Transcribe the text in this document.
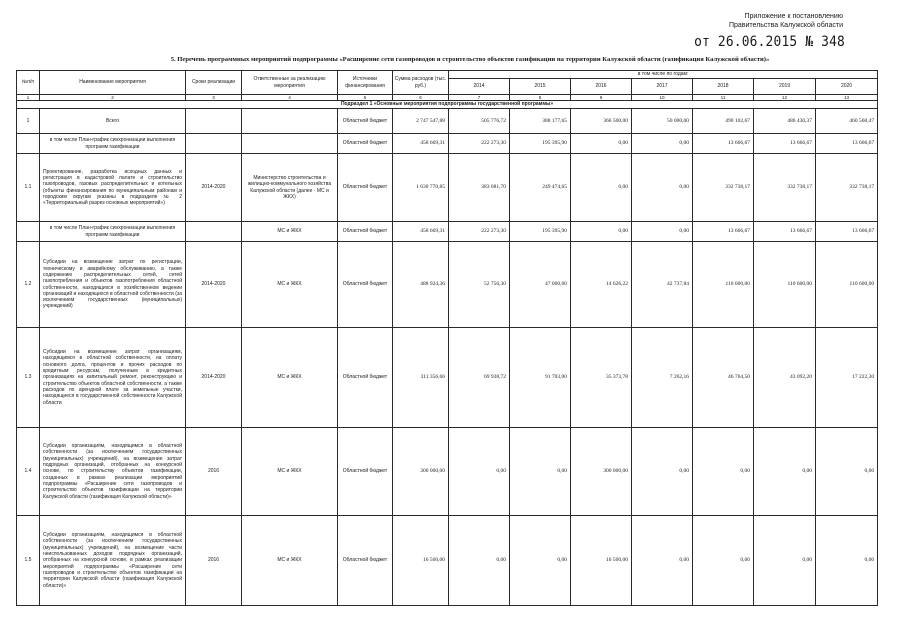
Приложение к постановлению
Правительства Калужской области
от 26.06.2015 № 348
5. Перечень программных мероприятий подпрограммы «Расширение сети газопроводов и строительство объектов газификации на территории Калужской области (газификация Калужской области)»
№п/п	Наименование мероприятия	Сроки реализации	Ответственные за реализацию мероприятия	Источники финансирования	Сумма расходов (тыс. руб.)	в том числе по годам:						
						2014	2015	2016	2017	2018	2019	2020
1	2	3	4	5	6	7	8	9	10	11	12	13
Подраздел 1 «Основные мероприятия подпрограммы государственной программы»												
1	Всего			Областной бюджет	2 747 547,88	505 776,72	388 177,65	366 500,00	50 000,00	490 102,67	486 430,37	460 560,47
	в том числе План-график синхронизации выполнения программ газификации			Областной бюджет	458 669,31	222 273,30	195 395,90	0,00	0,00	13 666,67	13 666,67	13 666,67
1.1	Проектирование, разработка исходных данных и регистрация в кадастровой палате и строительство газопроводов, газовых распределительных и котельных (объекты финансирования по муниципальным районам и городским округам указаны в подразделе № 2 «Территориальный разрез основных мероприятий»)	2014-2020	Министерство строительства и жилищно-коммунального хозяйства Калужской области (далее - МС и ЖКХ)	Областной бюджет	1 630 770,85	383 081,70	249 474,65	0,00	0,00	332 738,17	332 738,17	332 738,17
	в том числе План-график синхронизации выполнения программ газификации		МС и ЖКХ	Областной бюджет	458 669,31	222 273,30	195 395,90	0,00	0,00	13 666,67	13 666,67	13 666,67
1.2	Субсидии на возмещение затрат по регистрации, техническому и аварийному обслуживанию, а также содержанию распределительных сетей, сетей газопотребления и объектов газопотребления областной собственности, находящихся в хозяйственном ведении организаций и находящихся в областной собственности (за исключением государственных (муниципальных) учреждений)	2014-2020	МС и ЖКХ	Областной бюджет	488 924,36	52 756,30	47 000,00	14 626,22	42 737,84	110 600,00	110 600,00	110 600,00
1.3	Субсидии на возмещение затрат организациям, находящимся в областной собственности, на оплату основного долга, процентов и прочих расходов по кредитным ресурсам, полученным в кредитных организациях на капитальный ремонт, реконструкцию и строительство объектов областной собственности, а также расходов по арендной плате за земельные участки, находящиеся в государственной собственности Калужской области	2014-2020	МС и ЖКХ	Областной бюджет	311 356,66	69 938,72	91 703,00	35 373,78	7 262,16	46 764,50	43 092,20	17 222,30
1.4	Субсидии организациям, находящимся в областной собственности (за исключением государственных (муниципальных) учреждений), на возмещение затрат подрядных организаций, отобранных на конкурсной основе, по строительству объектов газификации, созданных в рамках реализации мероприятий подпрограммы «Расширение сети газопроводов и строительство объектов газификации на территории Калужской области (газификация Калужской области)»	2016	МС и ЖКХ	Областной бюджет	300 000,00	0,00	0,00	300 000,00	0,00	0,00	0,00	0,00
1.5	Субсидии организациям, находящимся в областной собственности (за исключением государственных (муниципальных) учреждений), на возмещение части неиспользованных доходов подрядных организаций, отобранных на конкурсной основе, в рамках реализации мероприятий подпрограммы «Расширение сети газопроводов и строительство объектов газификации на территории Калужской области (газификация Калужской области)»	2016	МС и ЖКХ	Областной бюджет	16 500,00	0,00	0,00	16 500,00	0,00	0,00	0,00	0,00
